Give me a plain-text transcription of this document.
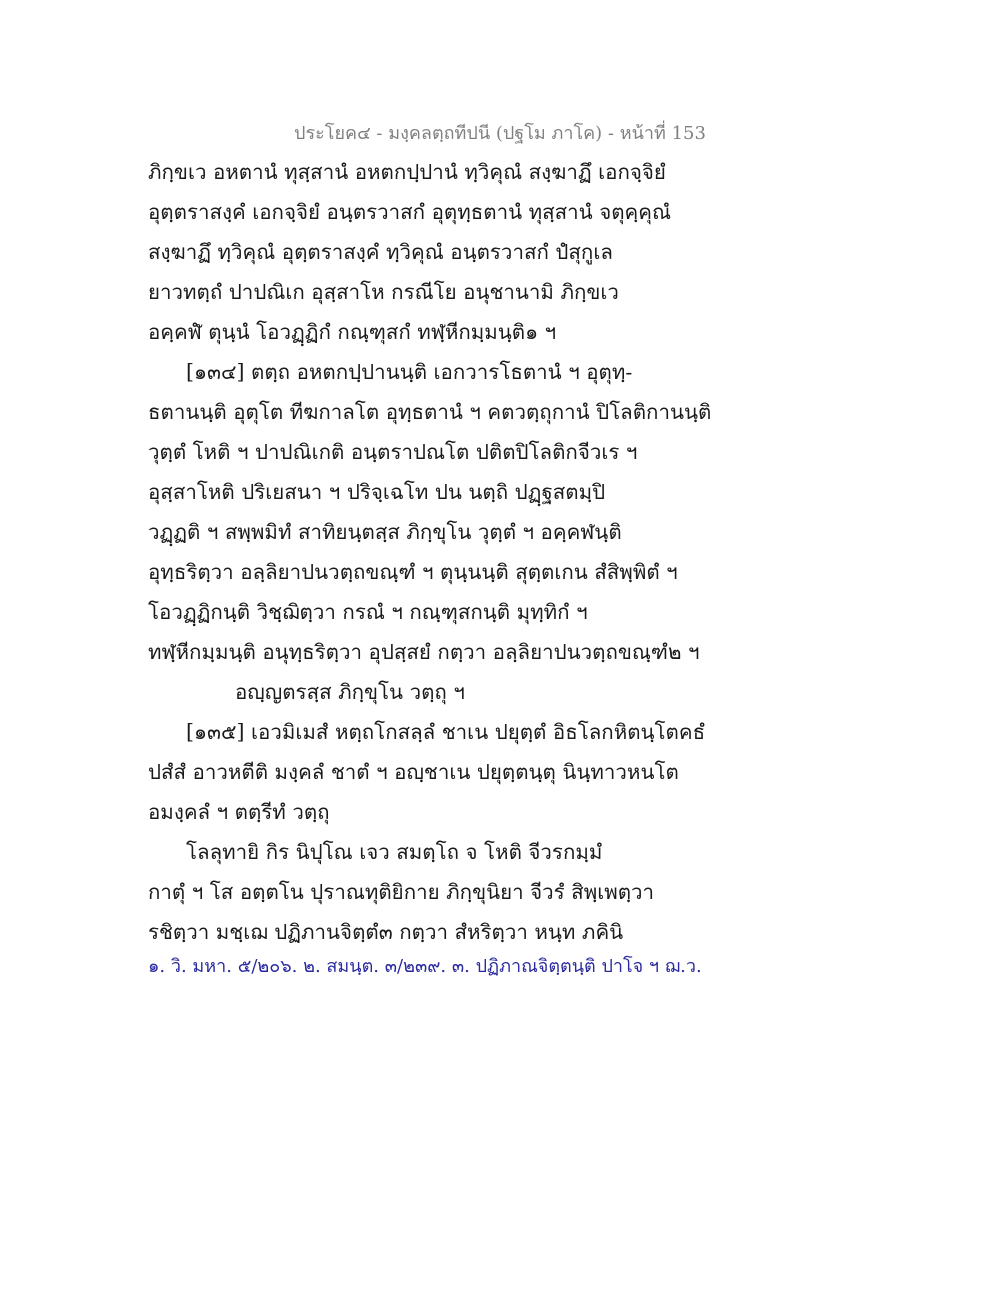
ประโยค๔ - มงฺคลตฺถทีปนี (ปฐโม ภาโค) - หน้าที่ 153
ภิกฺขเว อหตานํ ทุสฺสานํ อหตกปฺปานํ ทฺวิคุณํ สงฺฆาฏึ เอกจฺจิยํ
อุตฺตราสงฺคํ เอกจฺจิยํ อนฺตรวาสกํ อุตุทฺธตานํ ทุสฺสานํ จตุคฺคุณํ
สงฺฆาฏึ ทฺวิคุณํ อุตฺตราสงฺคํ ทฺวิคุณํ อนฺตรวาสกํ ปํสุกูเล
ยาวทตฺถํ ปาปณิเก อุสฺสาโห กรณีโย อนุชานามิ ภิกฺขเว
อคฺคฬํ ตุนฺนํ โอวฏฺฏิกํ กณฺฑุสกํ ทฬฺหีกมฺมนฺติ๑ ฯ
[๑๓๔] ตตฺถ อหตกปฺปานนฺติ เอกวารโธตานํ ฯ อุตุทฺ-
ธตานนฺติ อุตุโต ทีฆกาลโต อุทฺธตานํ ฯ คตวตฺถุกานํ ปิโลติกานนฺติ
วุตฺตํ โหติ ฯ ปาปณิเกติ อนฺตราปณโต ปติตปิโลติกจีวเร ฯ
อุสฺสาโหติ ปริเยสนา ฯ ปริจฺเฉโท ปน นตฺถิ ปฏฺฐสตมฺปิ
วฏฺฏติ ฯ สพฺพมิทํ สาทิยนฺตสฺส ภิกฺขุโน วุตฺตํ ฯ อคฺคฬนฺติ
อุทฺธริตฺวา อลฺลิยาปนวตฺถขณฺฑํ ฯ ตุนฺนนฺติ สุตฺตเกน สํสิพฺพิตํ ฯ
โอวฏฺฏิกนฺติ วิชฺฌิตฺวา กรณํ ฯ กณฺฑุสกนฺติ มุทฺทิกํ ฯ
ทฬฺหีกมฺมนฺติ อนุทฺธริตฺวา อุปสฺสยํ กตฺวา อลฺลิยาปนวตฺถขณฺฑํ๒ ฯ
อญฺญตรสฺส ภิกฺขุโน วตฺถุ ฯ
[๑๓๕] เอวมิเมสํ หตฺถโกสลฺลํ ชาเน ปยุตฺตํ อิธโลกหิตนฺโตคธํ
ปสํสํ อาวหตีติ มงฺคลํ ชาตํ ฯ อญฺชาเน ปยุตฺตนฺตุ นินฺทาวหนโต
อมงฺคลํ ฯ ตตฺรีทํ วตฺถุ
โลลุทายิ กิร นิปุโณ เจว สมตฺโถ จ โหติ จีวรกมฺมํ
กาตุํ ฯ โส อตฺตโน ปุราณทุติยิกาย ภิกฺขุนิยา จีวรํ สิพฺเพตฺวา
รชิตฺวา มชฺเฌ ปฏิภานจิตฺตํ๓ กตฺวา สํหริตฺวา หนฺท ภคินิ
๑. วิ. มหา. ๕/๒๐๖. ๒. สมนฺต. ๓/๒๓๙. ๓. ปฏิภาณจิตฺตนฺติ ปาโจ ฯ ฌ.ว.
